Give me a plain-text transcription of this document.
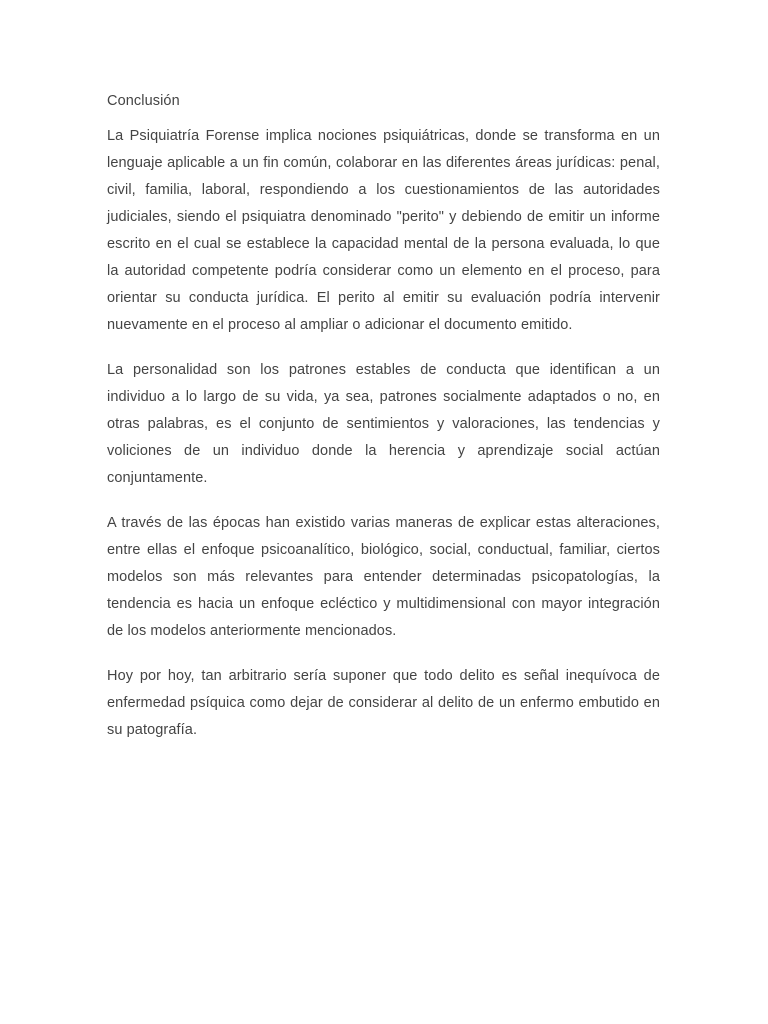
Conclusión

La Psiquiatría Forense implica nociones psiquiátricas, donde se transforma en un lenguaje aplicable a un fin común, colaborar en las diferentes áreas jurídicas: penal, civil, familia, laboral, respondiendo a los cuestionamientos de las autoridades judiciales, siendo el psiquiatra denominado "perito" y debiendo de emitir un informe escrito en el cual se establece la capacidad mental de la persona evaluada, lo que la autoridad competente podría considerar como un elemento en el proceso, para orientar su conducta jurídica. El perito al emitir su evaluación podría intervenir nuevamente en el proceso al ampliar o adicionar el documento emitido.

La personalidad son los patrones estables de conducta que identifican a un individuo a lo largo de su vida, ya sea, patrones socialmente adaptados o no, en otras palabras, es el conjunto de sentimientos y valoraciones, las tendencias y voliciones de un individuo donde la herencia y aprendizaje social actúan conjuntamente.

A través de las épocas han existido varias maneras de explicar estas alteraciones, entre ellas el enfoque psicoanalítico, biológico, social, conductual, familiar, ciertos modelos son más relevantes para entender determinadas psicopatologías, la tendencia es hacia un enfoque ecléctico y multidimensional con mayor integración de los modelos anteriormente mencionados.

Hoy por hoy, tan arbitrario sería suponer que todo delito es señal inequívoca de enfermedad psíquica como dejar de considerar al delito de un enfermo embutido en su patografía.
